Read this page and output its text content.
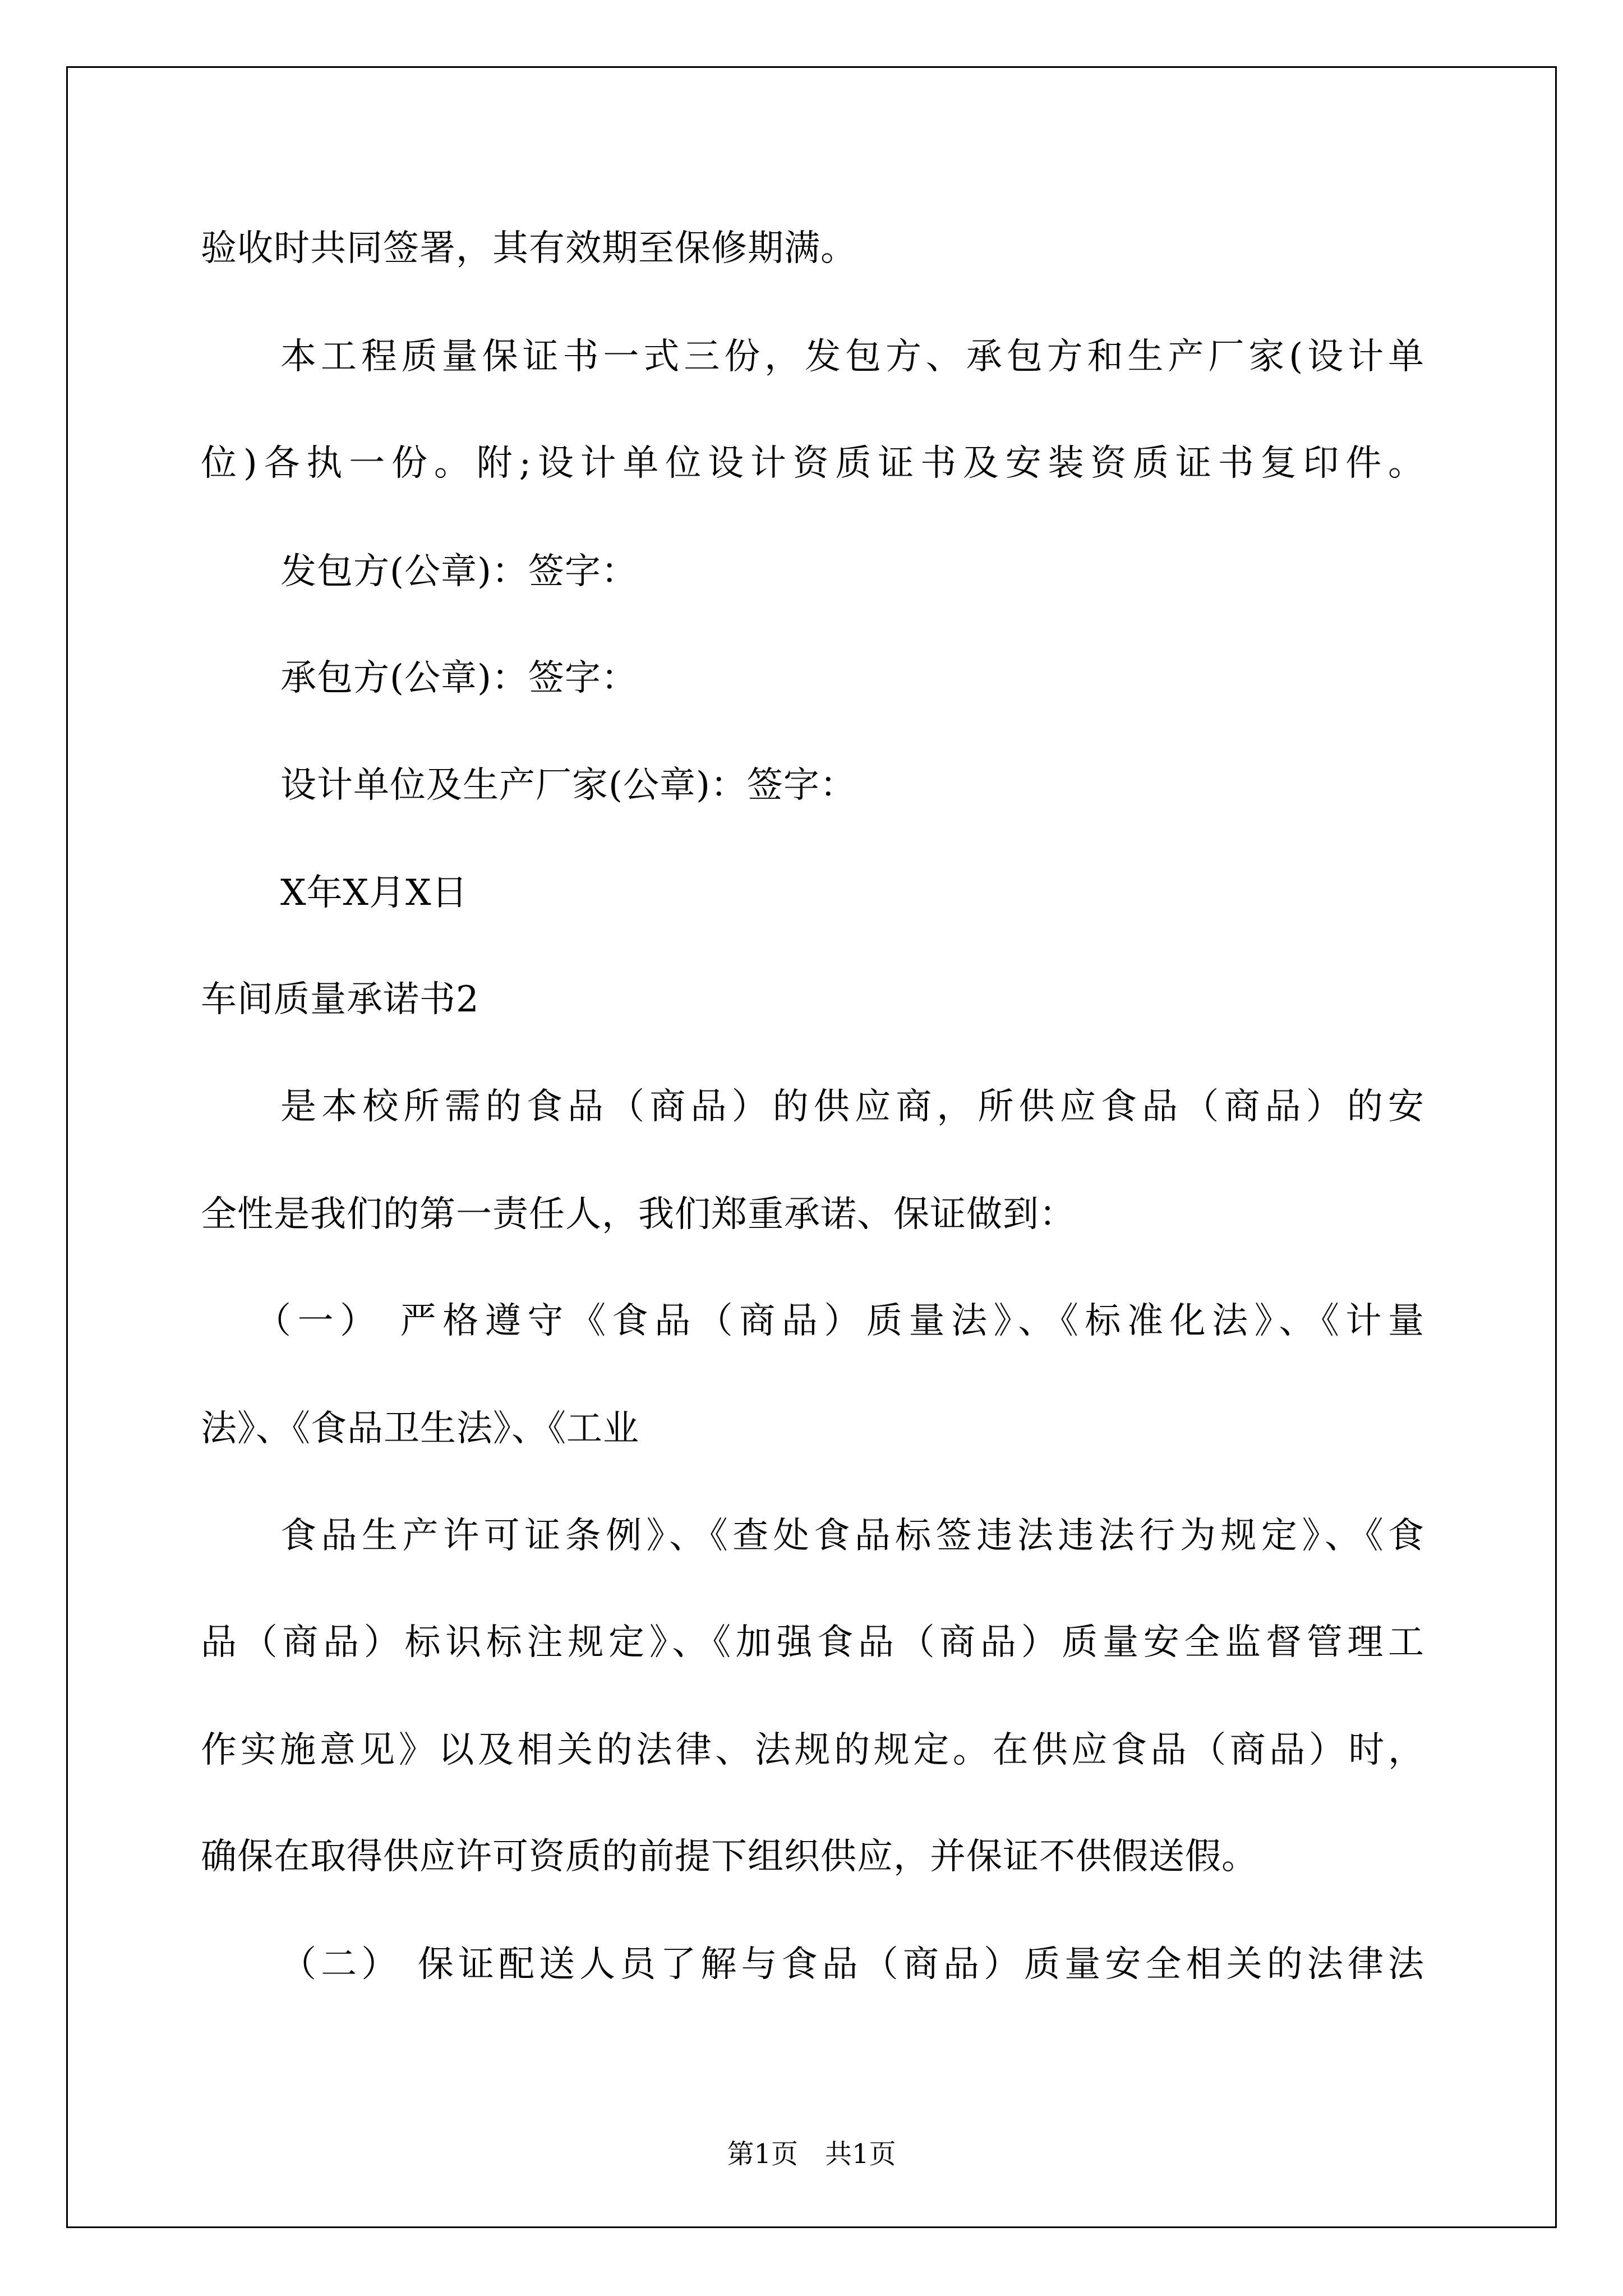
验收时共同签署，其有效期至保修期满。
本工程质量保证书一式三份，发包方、承包方和生产厂家(设计单
位)各执一份。附;设计单位设计资质证书及安装资质证书复印件。
发包方(公章)：签字：
承包方(公章)：签字：
设计单位及生产厂家(公章)：签字：
X年X月X日
车间质量承诺书2
是本校所需的食品（商品）的供应商，所供应食品（商品）的安
全性是我们的第一责任人，我们郑重承诺、保证做到：
（一） 严格遵守《食品（商品）质量法》、《标准化法》、《计量
法》、《食品卫生法》、《工业
食品生产许可证条例》、《查处食品标签违法违法行为规定》、《食
品（商品）标识标注规定》、《加强食品（商品）质量安全监督管理工
作实施意见》以及相关的法律、法规的规定。在供应食品（商品）时，
确保在取得供应许可资质的前提下组织供应，并保证不供假送假。
（二） 保证配送人员了解与食品（商品）质量安全相关的法律法
第1页　共1页
